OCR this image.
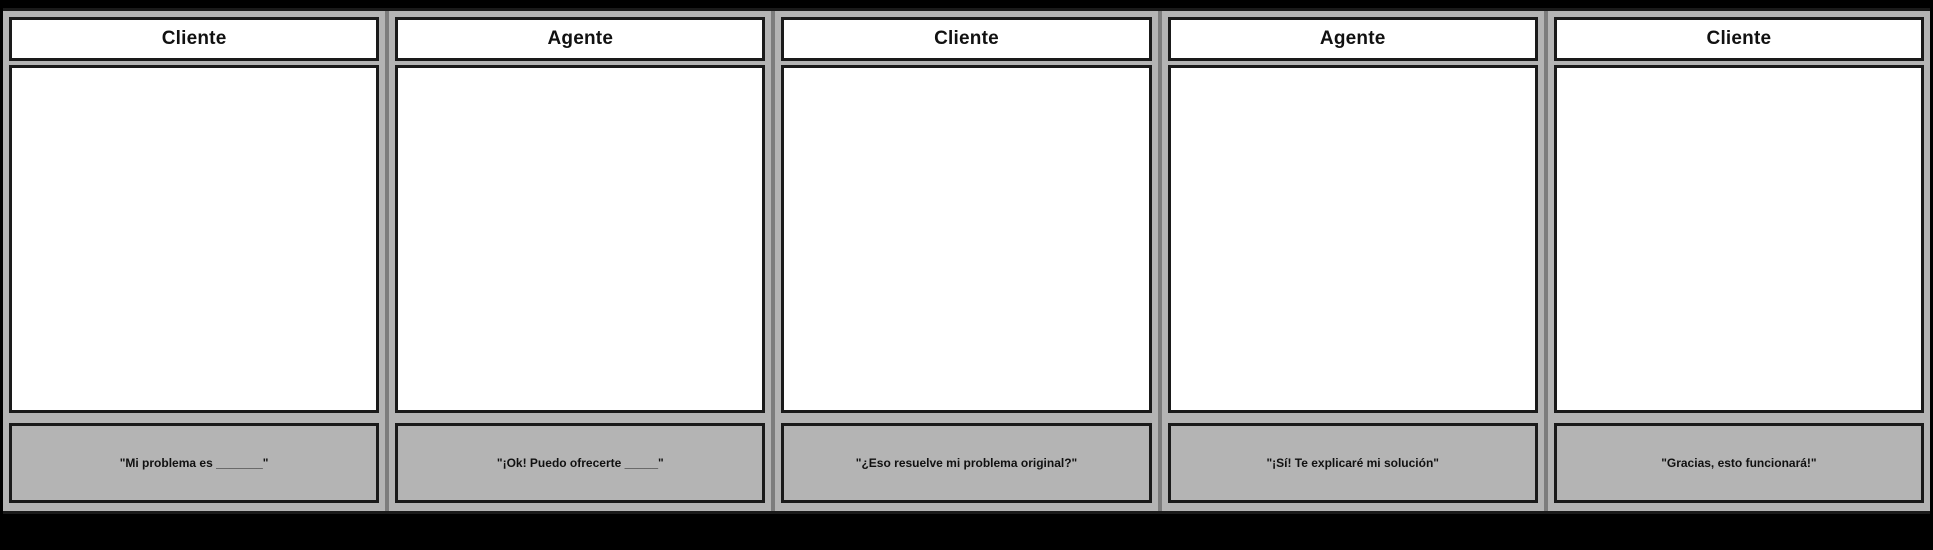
Cliente
"Mi problema es _______"
Agente
"¡Ok! Puedo ofrecerte _____"
Cliente
"¿Eso resuelve mi problema original?"
Agente
"¡Sí! Te explicaré mi solución"
Cliente
"Gracias, esto funcionará!"
